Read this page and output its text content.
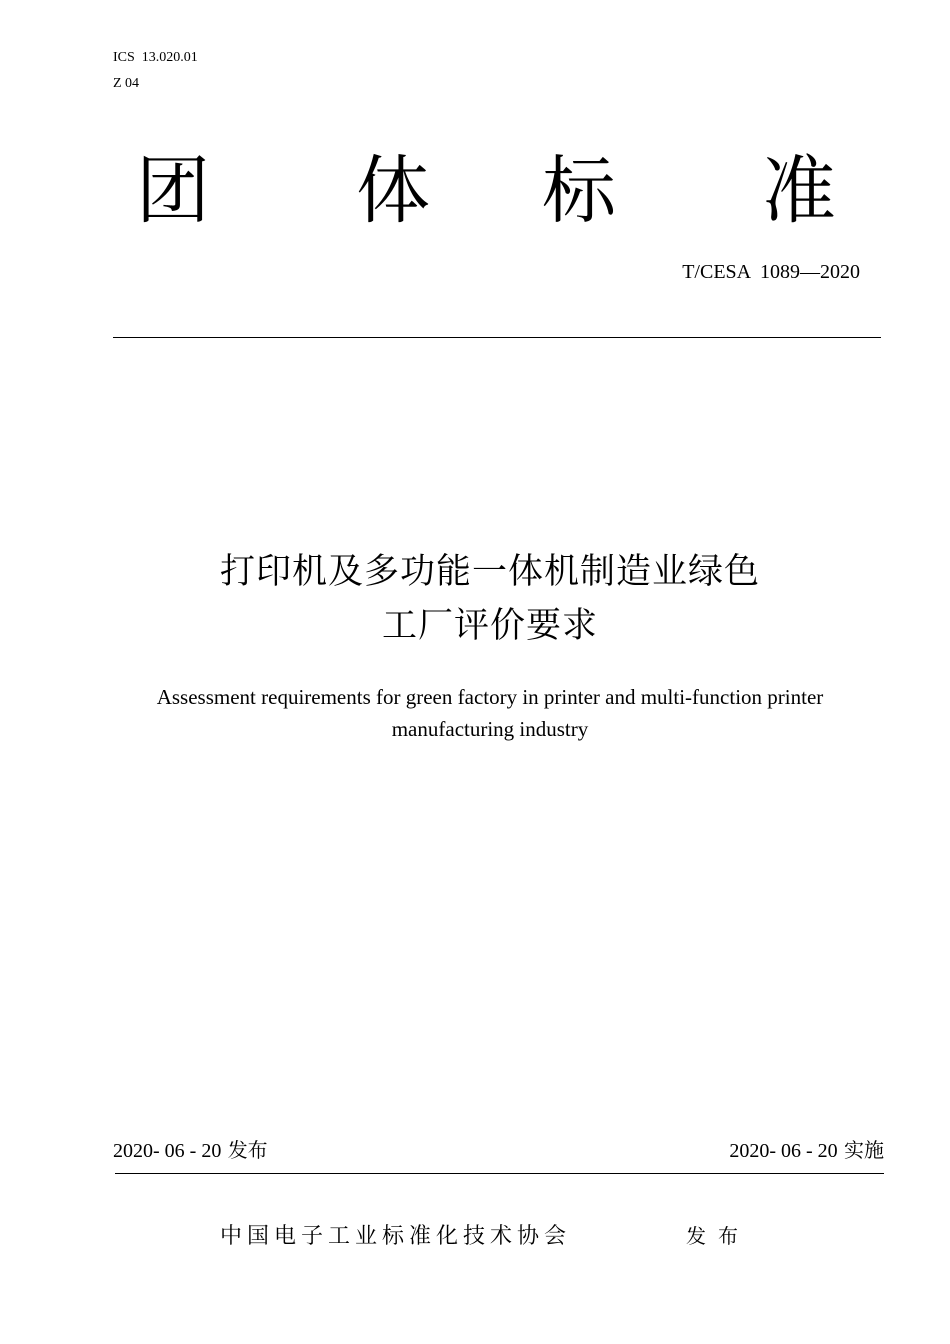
ICS  13.020.01
Z 04
团 体 标 准
T/CESA  1089—2020
打印机及多功能一体机制造业绿色
工厂评价要求
Assessment requirements for green factory in printer and multi-function printer
manufacturing industry
2020- 06 - 20 发布	2020- 06 - 20 实施
中国电子工业标准化技术协会	发布
